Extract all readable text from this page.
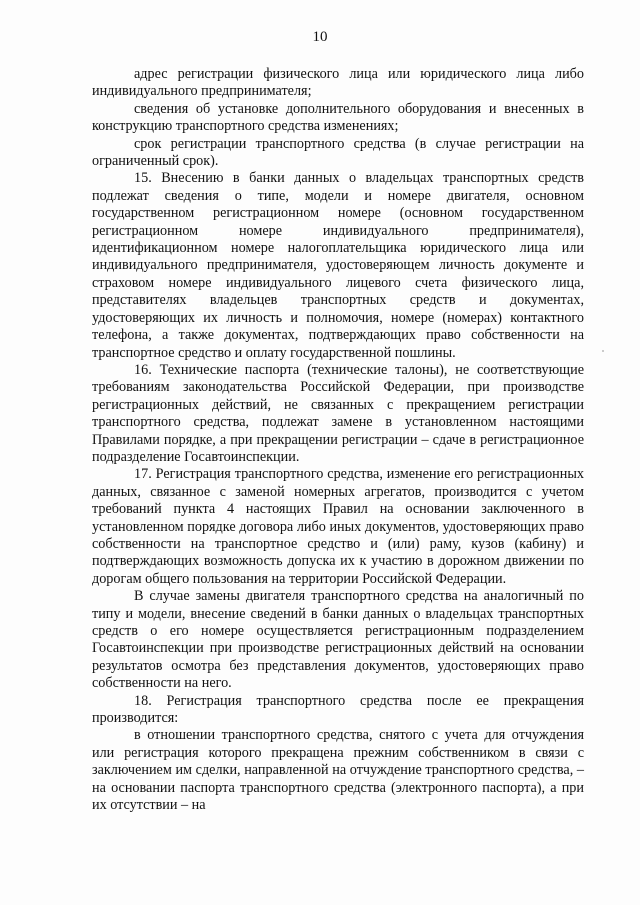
10

адрес регистрации физического лица или юридического лица либо индивидуального предпринимателя;

сведения об установке дополнительного оборудования и внесенных в конструкцию транспортного средства изменениях;

срок регистрации транспортного средства (в случае регистрации на ограниченный срок).

15. Внесению в банки данных о владельцах транспортных средств подлежат сведения о типе, модели и номере двигателя, основном государственном регистрационном номере (основном государственном регистрационном номере индивидуального предпринимателя), идентификационном номере налогоплательщика юридического лица или индивидуального предпринимателя, удостоверяющем личность документе и страховом номере индивидуального лицевого счета физического лица, представителях владельцев транспортных средств и документах, удостоверяющих их личность и полномочия, номере (номерах) контактного телефона, а также документах, подтверждающих право собственности на транспортное средство и оплату государственной пошлины.

16. Технические паспорта (технические талоны), не соответствующие требованиям законодательства Российской Федерации, при производстве регистрационных действий, не связанных с прекращением регистрации транспортного средства, подлежат замене в установленном настоящими Правилами порядке, а при прекращении регистрации – сдаче в регистрационное подразделение Госавтоинспекции.

17. Регистрация транспортного средства, изменение его регистрационных данных, связанное с заменой номерных агрегатов, производится с учетом требований пункта 4 настоящих Правил на основании заключенного в установленном порядке договора либо иных документов, удостоверяющих право собственности на транспортное средство и (или) раму, кузов (кабину) и подтверждающих возможность допуска их к участию в дорожном движении по дорогам общего пользования на территории Российской Федерации.

В случае замены двигателя транспортного средства на аналогичный по типу и модели, внесение сведений в банки данных о владельцах транспортных средств о его номере осуществляется регистрационным подразделением Госавтоинспекции при производстве регистрационных действий на основании результатов осмотра без представления документов, удостоверяющих право собственности на него.

18. Регистрация транспортного средства после ее прекращения производится:

в отношении транспортного средства, снятого с учета для отчуждения или регистрация которого прекращена прежним собственником в связи с заключением им сделки, направленной на отчуждение транспортного средства, – на основании паспорта транспортного средства (электронного паспорта), а при их отсутствии – на
